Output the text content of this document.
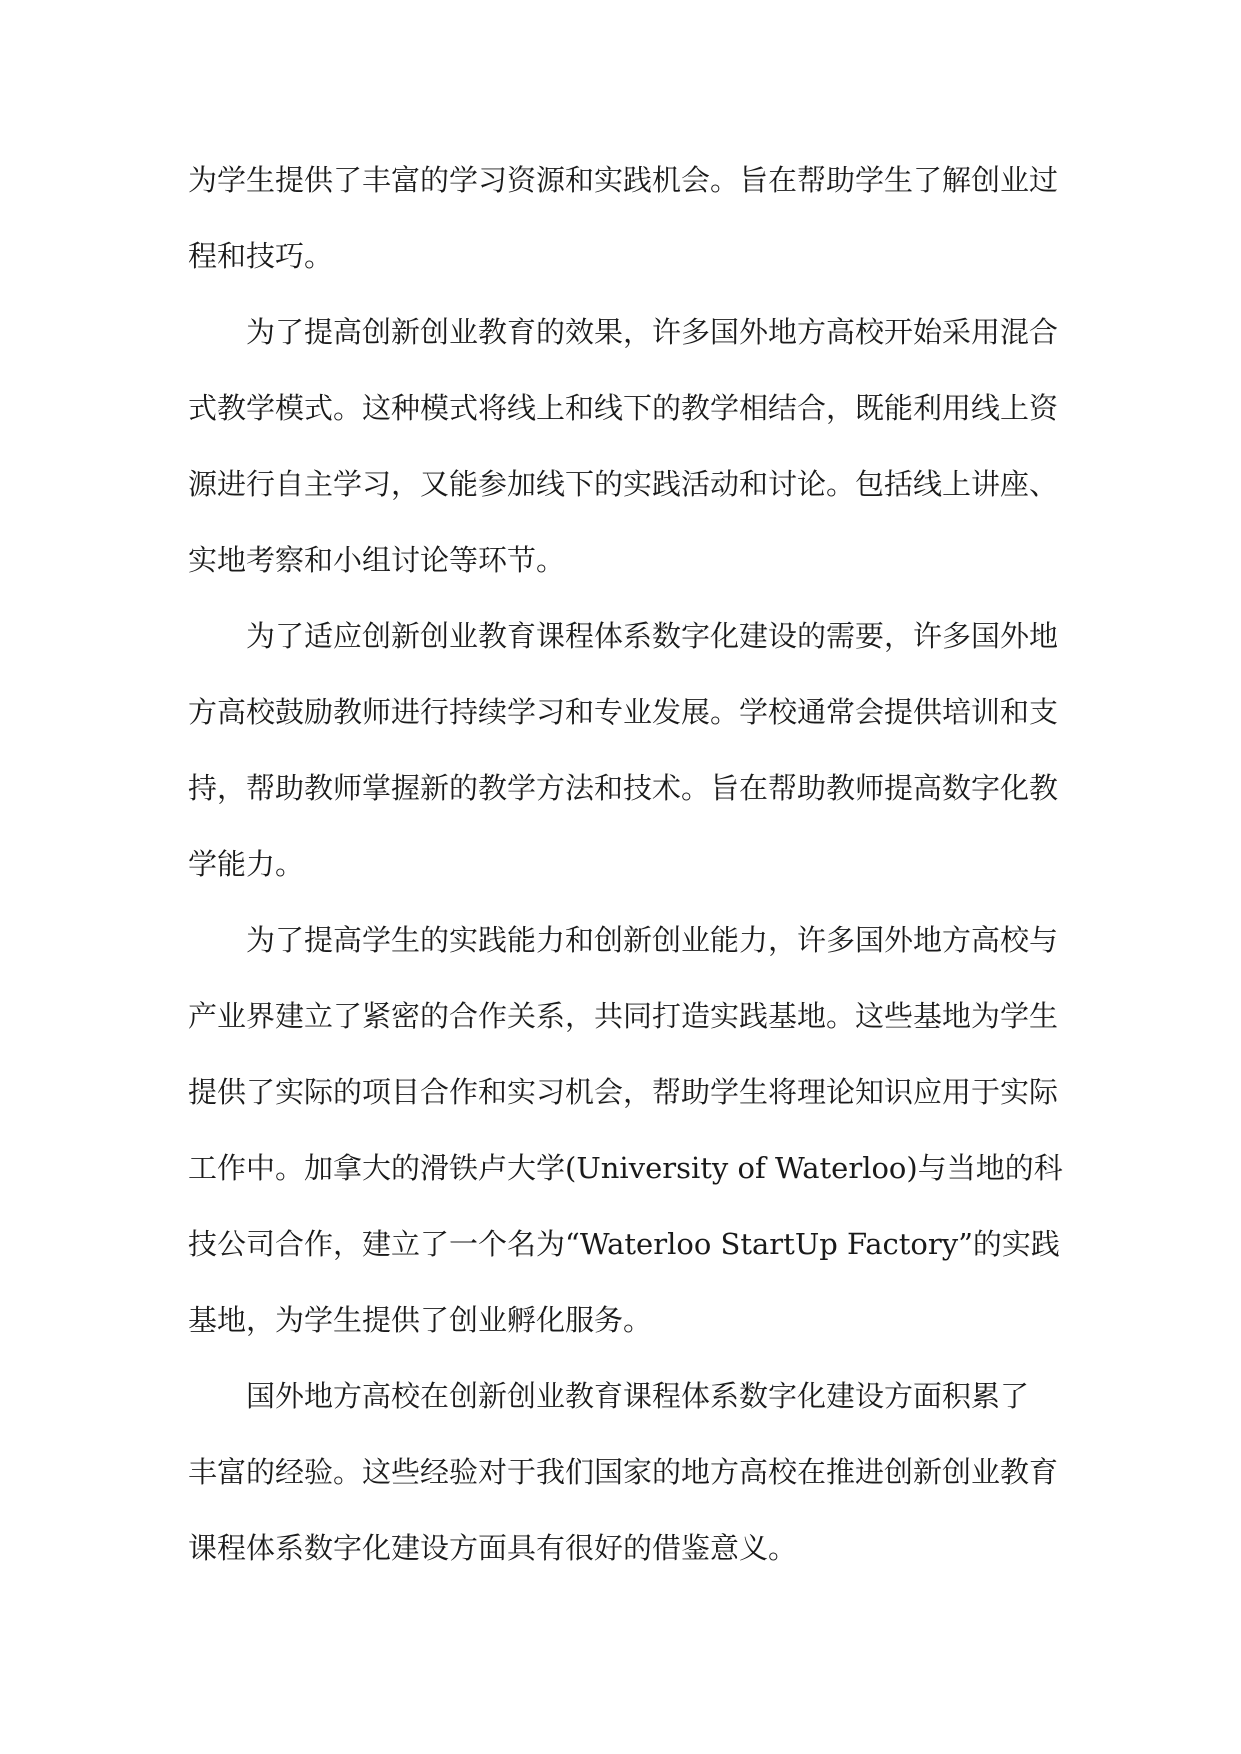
为学生提供了丰富的学习资源和实践机会。旨在帮助学生了解创业过
程和技巧。
为了提高创新创业教育的效果，许多国外地方高校开始采用混合
式教学模式。这种模式将线上和线下的教学相结合，既能利用线上资
源进行自主学习，又能参加线下的实践活动和讨论。包括线上讲座、
实地考察和小组讨论等环节。
为了适应创新创业教育课程体系数字化建设的需要，许多国外地
方高校鼓励教师进行持续学习和专业发展。学校通常会提供培训和支
持，帮助教师掌握新的教学方法和技术。旨在帮助教师提高数字化教
学能力。
为了提高学生的实践能力和创新创业能力，许多国外地方高校与
产业界建立了紧密的合作关系，共同打造实践基地。这些基地为学生
提供了实际的项目合作和实习机会，帮助学生将理论知识应用于实际
工作中。加拿大的滑铁卢大学(University of Waterloo)与当地的科
技公司合作，建立了一个名为“Waterloo StartUp Factory”的实践
基地，为学生提供了创业孵化服务。
国外地方高校在创新创业教育课程体系数字化建设方面积累了
丰富的经验。这些经验对于我们国家的地方高校在推进创新创业教育
课程体系数字化建设方面具有很好的借鉴意义。
